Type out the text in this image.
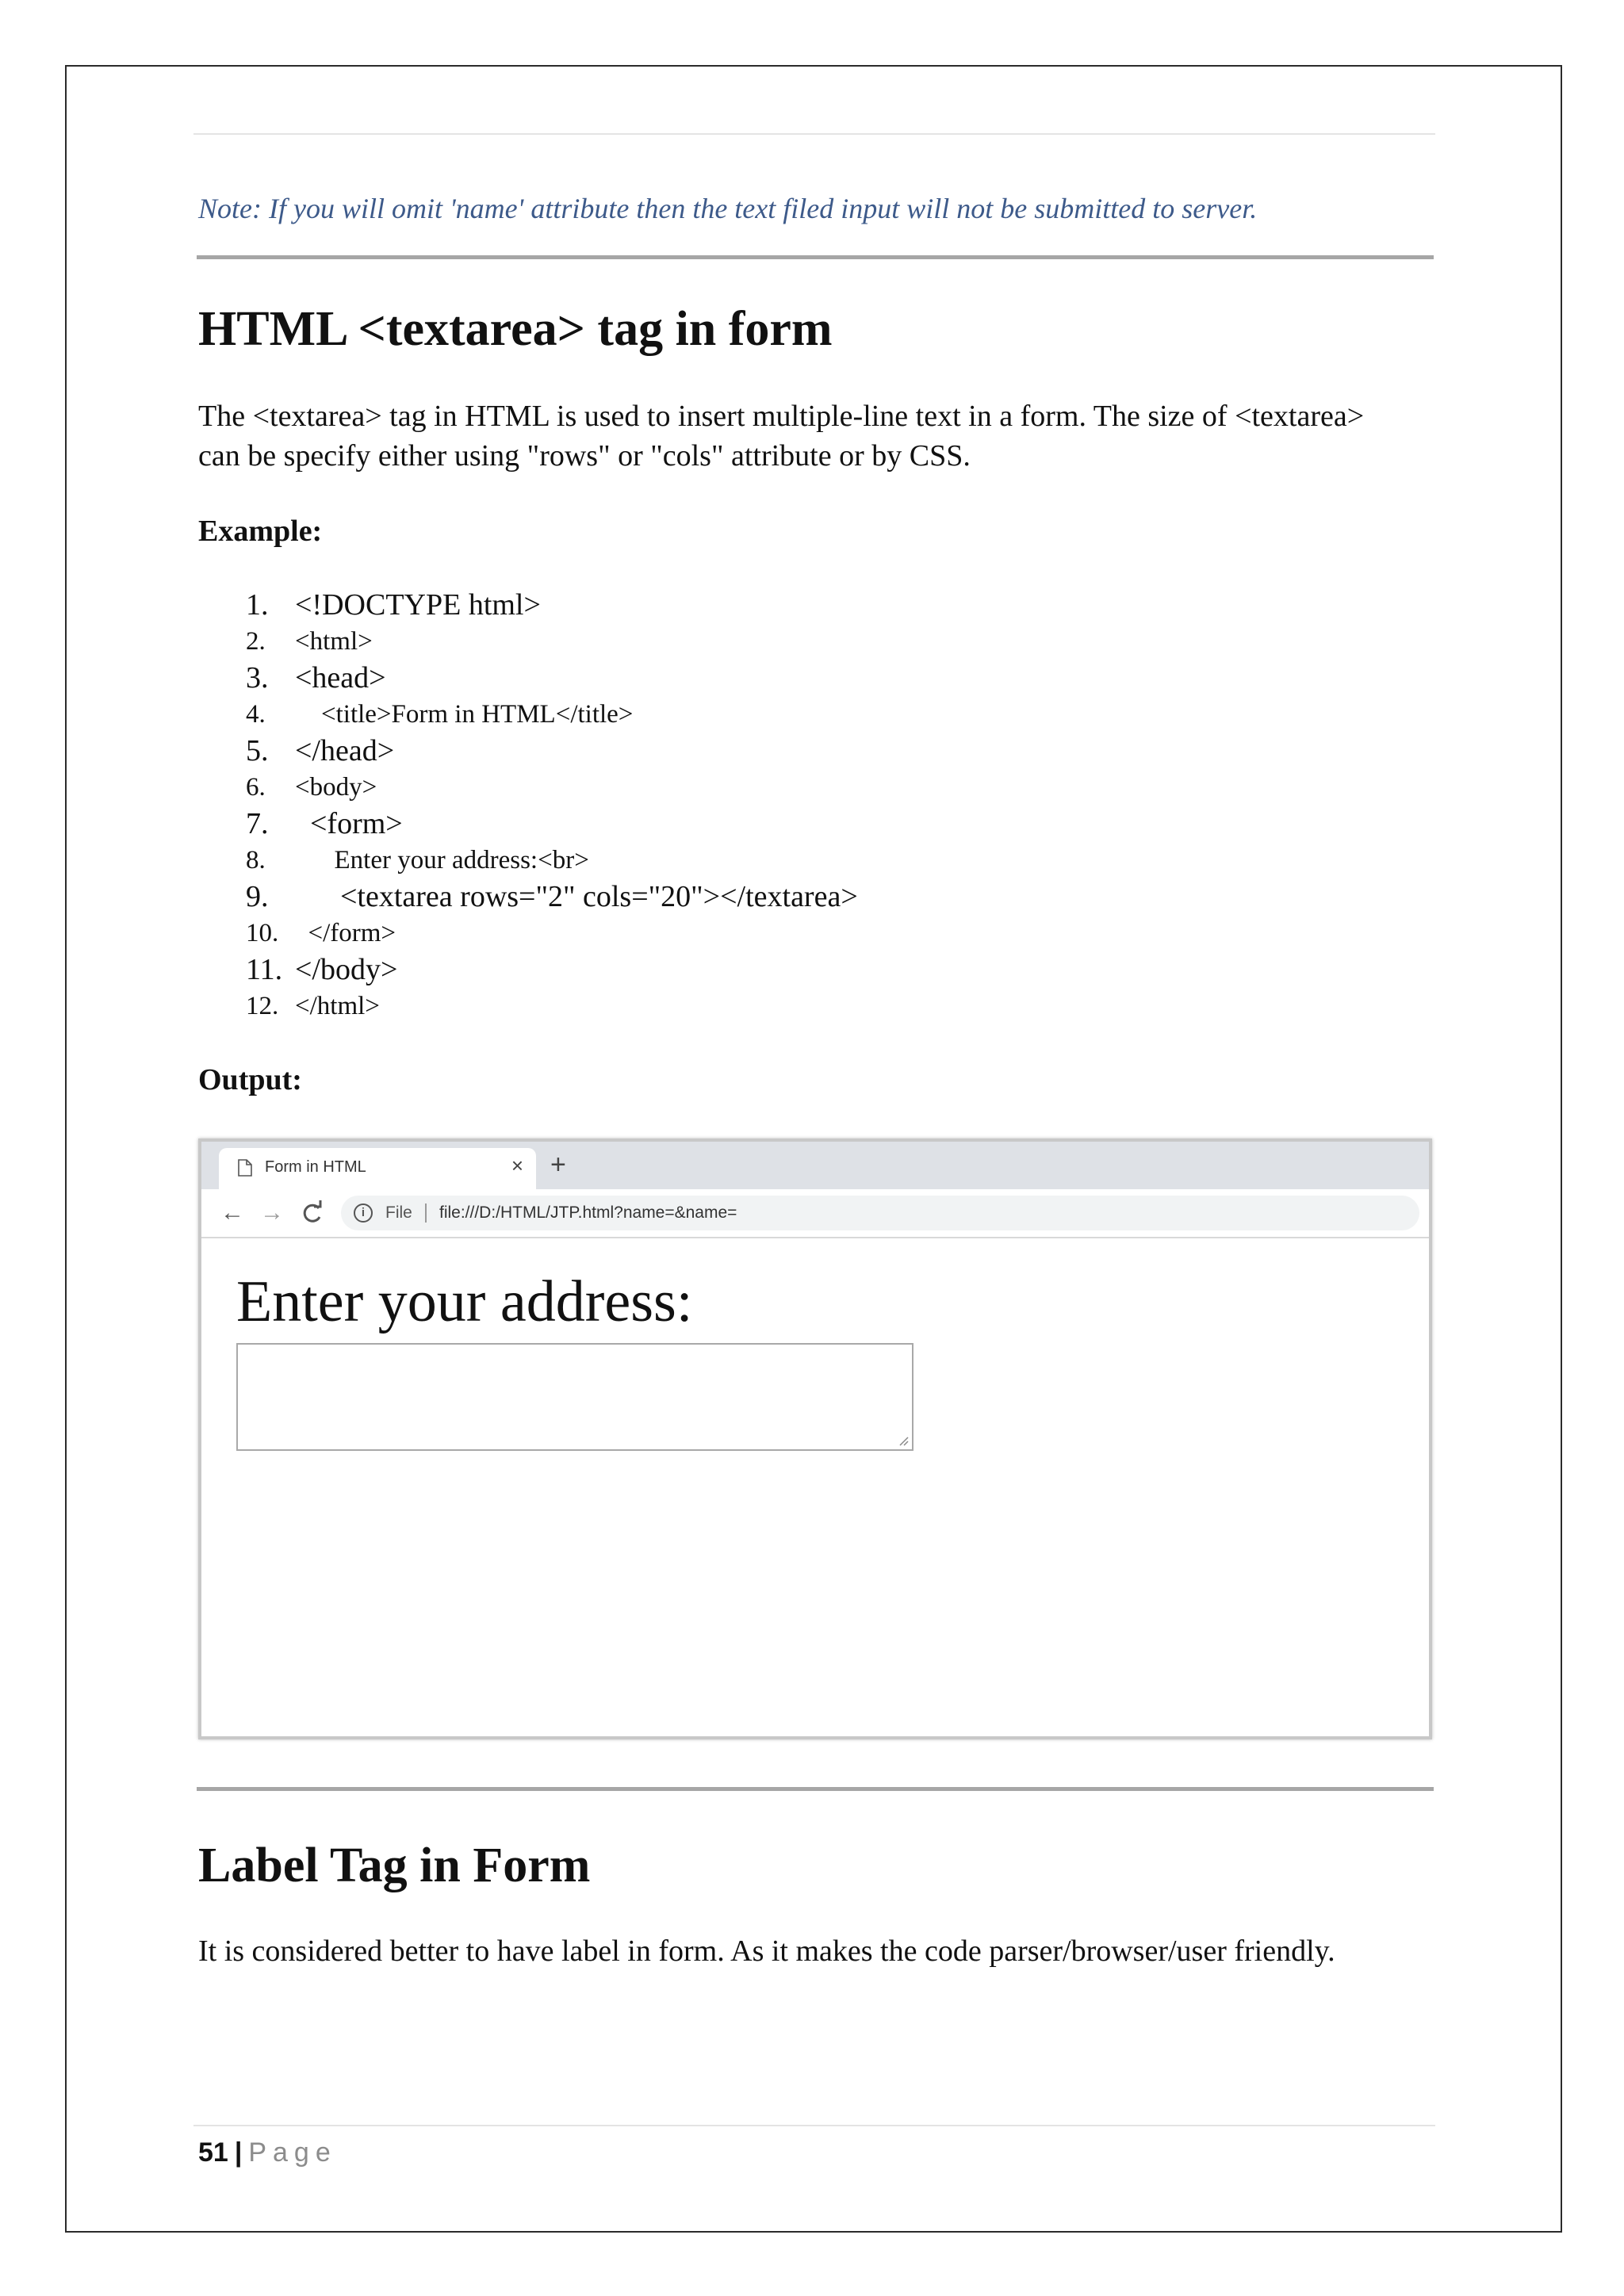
Note: If you will omit 'name' attribute then the text filed input will not be submitted to server.
HTML <textarea> tag in form

The <textarea> tag in HTML is used to insert multiple-line text in a form. The size of <textarea> can be specify either using "rows" or "cols" attribute or by CSS.

Example:
1. <!DOCTYPE html>
2.	<html>
3. <head>
4.	<title>Form in HTML</title>
5. </head>
6.	<body>
7. <form>
8.	Enter your address:<br>
9. <textarea rows="2" cols="20"></textarea>
10. </form>
11. </body>
12. </html>
Output:
Form in HTML	× +
← →	i	File file:///D:/HTML/JTP.html?name=&name=
Enter your address:
Label Tag in Form

It is considered better to have label in form. As it makes the code parser/browser/user friendly.

51 | Page
